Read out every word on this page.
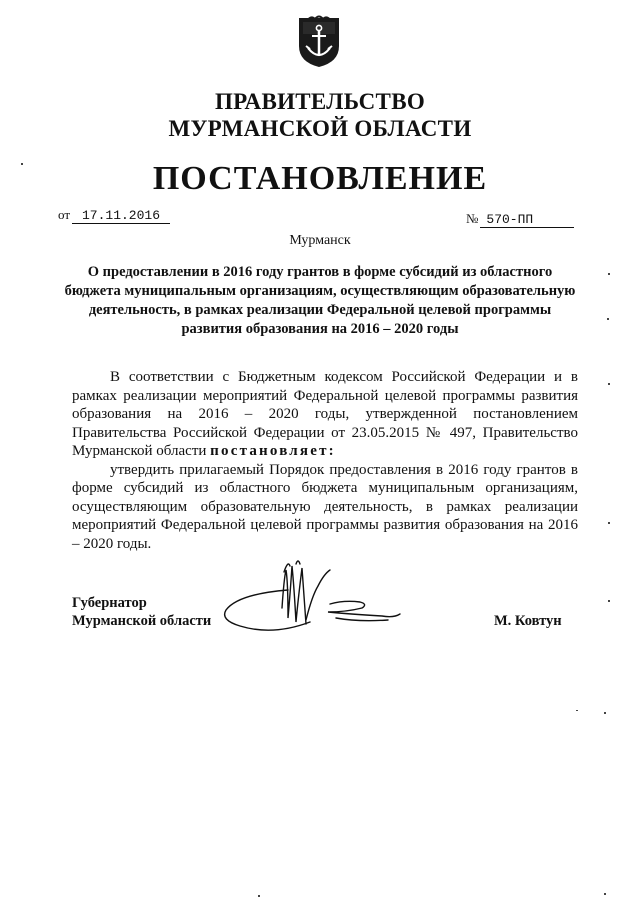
ПРАВИТЕЛЬСТВО
МУРМАНСКОЙ ОБЛАСТИ
ПОСТАНОВЛЕНИЕ
от 17.11.2016	№ 570-ПП
Мурманск
О предоставлении в 2016 году грантов в форме субсидий из областного бюджета муниципальным организациям, осуществляющим образовательную деятельность, в рамках реализации Федеральной целевой программы развития образования на 2016 – 2020 годы

В соответствии с Бюджетным кодексом Российской Федерации и в рамках реализации мероприятий Федеральной целевой программы развития образования на 2016 – 2020 годы, утвержденной постановлением Правительства Российской Федерации от 23.05.2015 № 497, Правительство Мурманской области постановляет:

утвердить прилагаемый Порядок предоставления в 2016 году грантов в форме субсидий из областного бюджета муниципальным организациям, осуществляющим образовательную деятельность, в рамках реализации мероприятий Федеральной целевой программы развития образования на 2016 – 2020 годы.

Губернатор
Мурманской области	М. Ковтун
